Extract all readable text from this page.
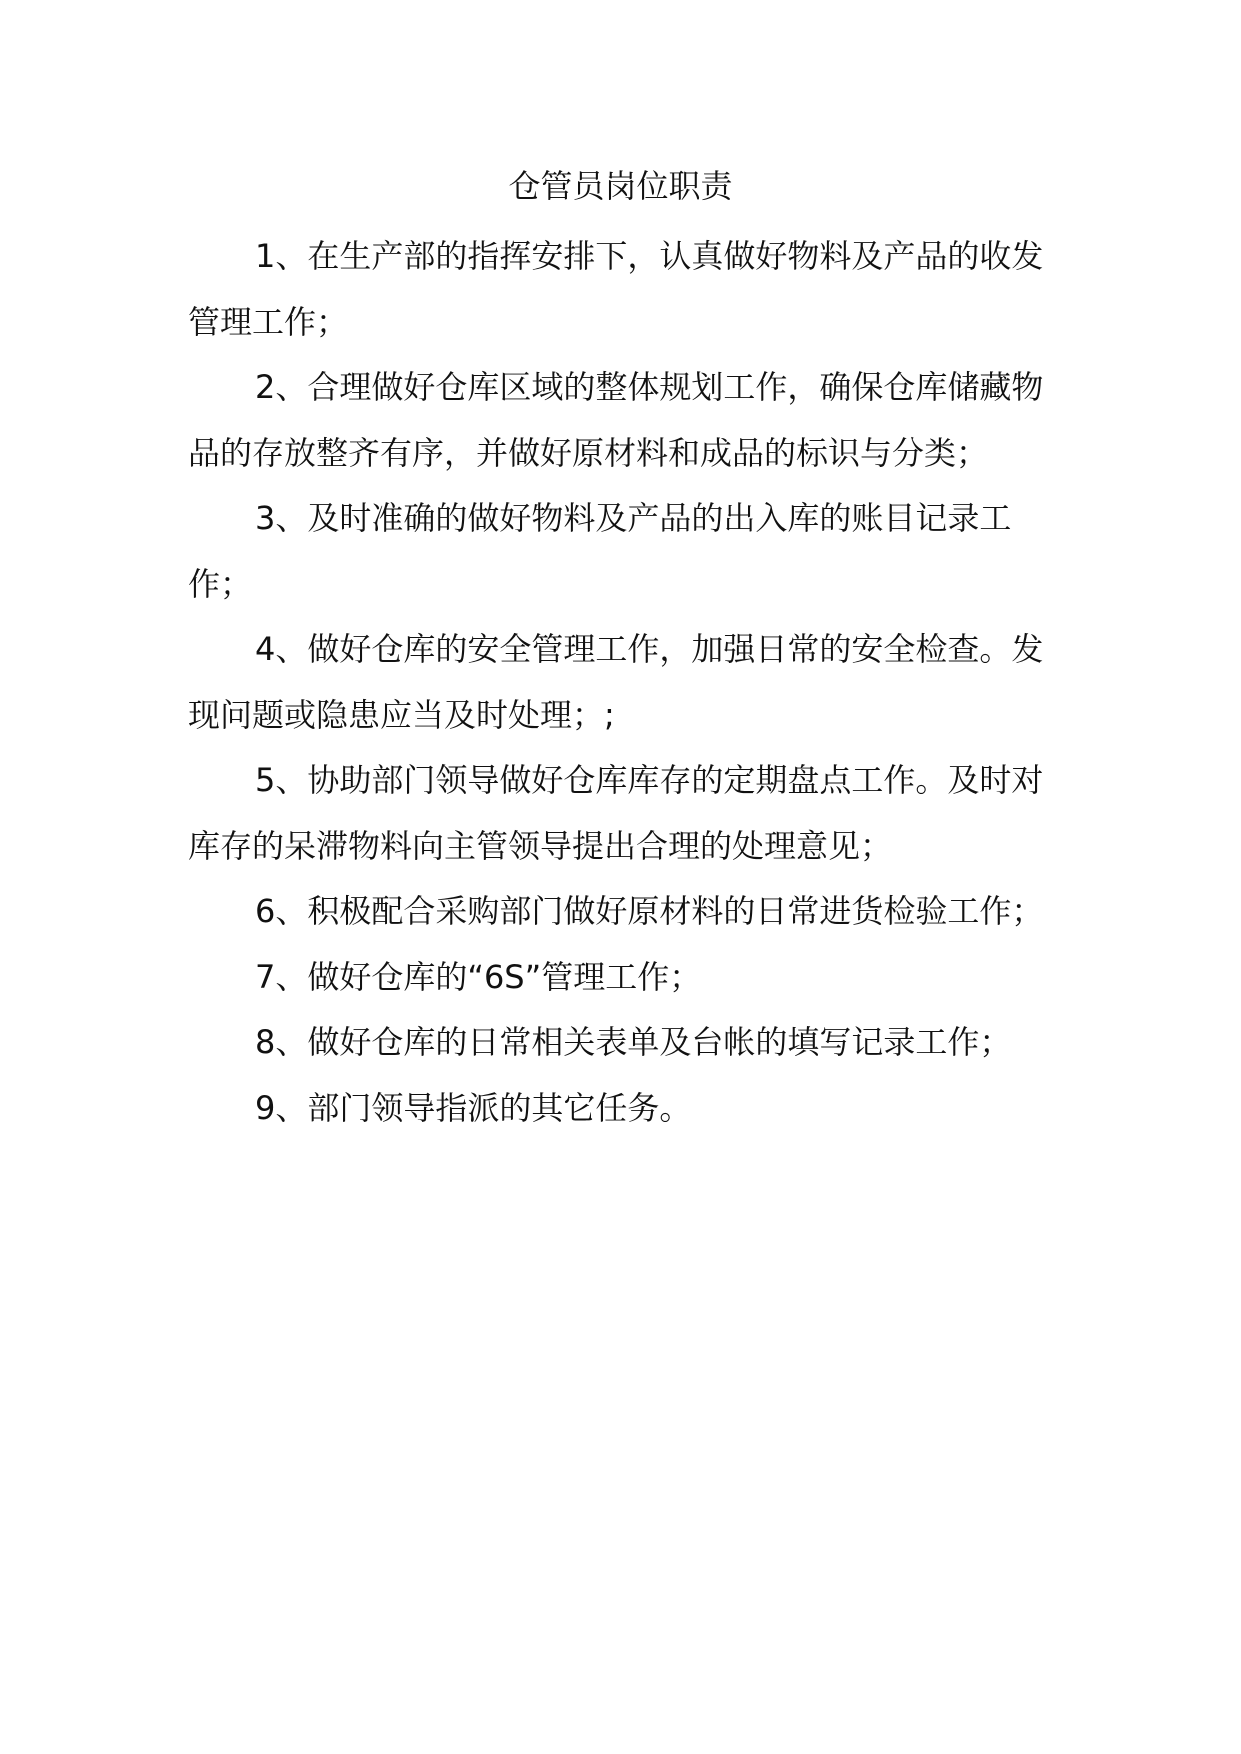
仓管员岗位职责

1、在生产部的指挥安排下，认真做好物料及产品的收发管理工作；

2、合理做好仓库区域的整体规划工作，确保仓库储藏物品的存放整齐有序，并做好原材料和成品的标识与分类；

3、及时准确的做好物料及产品的出入库的账目记录工作；

4、做好仓库的安全管理工作，加强日常的安全检查。发现问题或隐患应当及时处理；;

5、协助部门领导做好仓库库存的定期盘点工作。及时对库存的呆滞物料向主管领导提出合理的处理意见；

6、积极配合采购部门做好原材料的日常进货检验工作；

7、做好仓库的“6S”管理工作；

8、做好仓库的日常相关表单及台帐的填写记录工作；

9、部门领导指派的其它任务。
